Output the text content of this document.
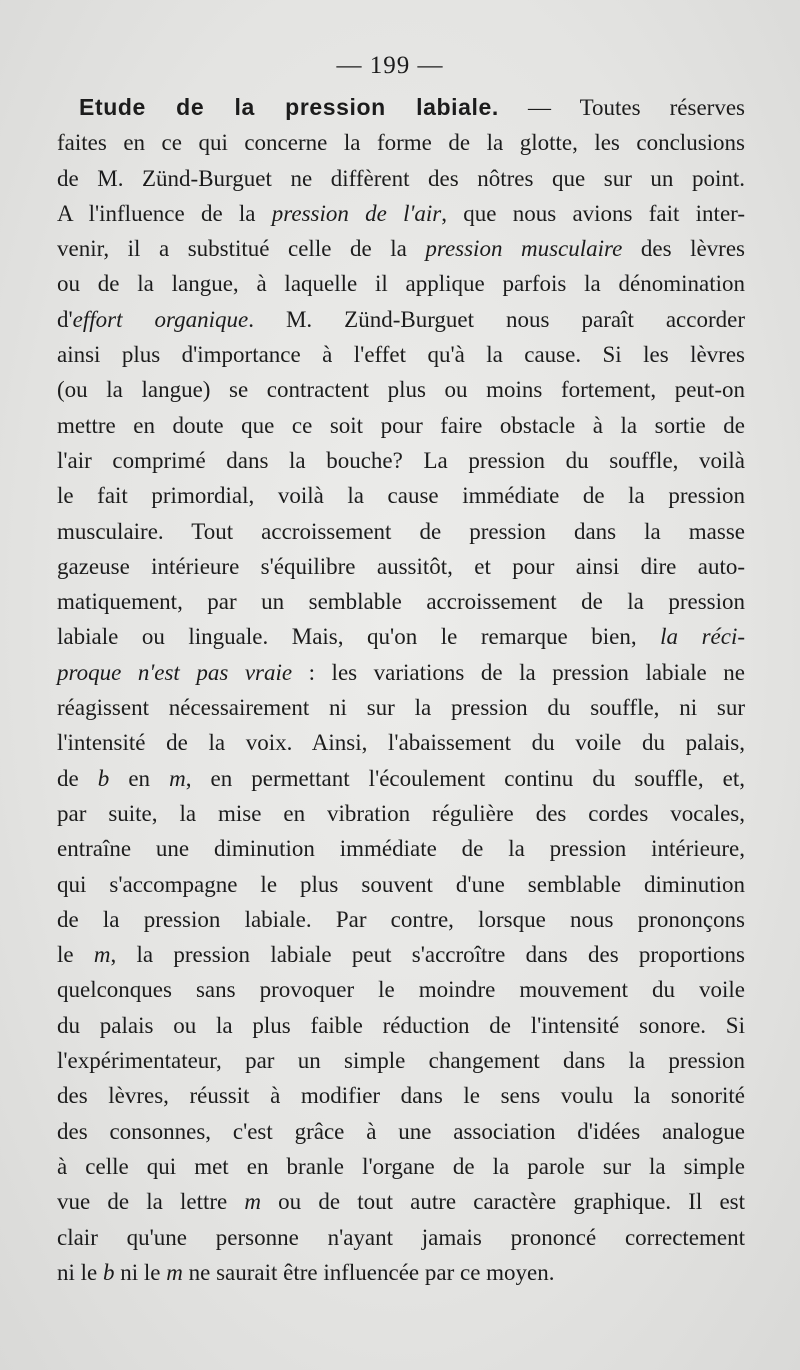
— 199 —
Etude de la pression labiale. — Toutes réserves
faites en ce qui concerne la forme de la glotte, les conclusions
de M. Zünd-Burguet ne diffèrent des nôtres que sur un point.
A l'influence de la pression de l'air, que nous avions fait inter-
venir, il a substitué celle de la pression musculaire des lèvres
ou de la langue, à laquelle il applique parfois la dénomination
d'effort organique. M. Zünd-Burguet nous paraît accorder
ainsi plus d'importance à l'effet qu'à la cause. Si les lèvres
(ou la langue) se contractent plus ou moins fortement, peut-on
mettre en doute que ce soit pour faire obstacle à la sortie de
l'air comprimé dans la bouche? La pression du souffle, voilà
le fait primordial, voilà la cause immédiate de la pression
musculaire. Tout accroissement de pression dans la masse
gazeuse intérieure s'équilibre aussitôt, et pour ainsi dire auto-
matiquement, par un semblable accroissement de la pression
labiale ou linguale. Mais, qu'on le remarque bien, la réci-
proque n'est pas vraie : les variations de la pression labiale ne
réagissent nécessairement ni sur la pression du souffle, ni sur
l'intensité de la voix. Ainsi, l'abaissement du voile du palais,
de b en m, en permettant l'écoulement continu du souffle, et,
par suite, la mise en vibration régulière des cordes vocales,
entraîne une diminution immédiate de la pression intérieure,
qui s'accompagne le plus souvent d'une semblable diminution
de la pression labiale. Par contre, lorsque nous prononçons
le m, la pression labiale peut s'accroître dans des proportions
quelconques sans provoquer le moindre mouvement du voile
du palais ou la plus faible réduction de l'intensité sonore. Si
l'expérimentateur, par un simple changement dans la pression
des lèvres, réussit à modifier dans le sens voulu la sonorité
des consonnes, c'est grâce à une association d'idées analogue
à celle qui met en branle l'organe de la parole sur la simple
vue de la lettre m ou de tout autre caractère graphique. Il est
clair qu'une personne n'ayant jamais prononcé correctement
ni le b ni le m ne saurait être influencée par ce moyen.
